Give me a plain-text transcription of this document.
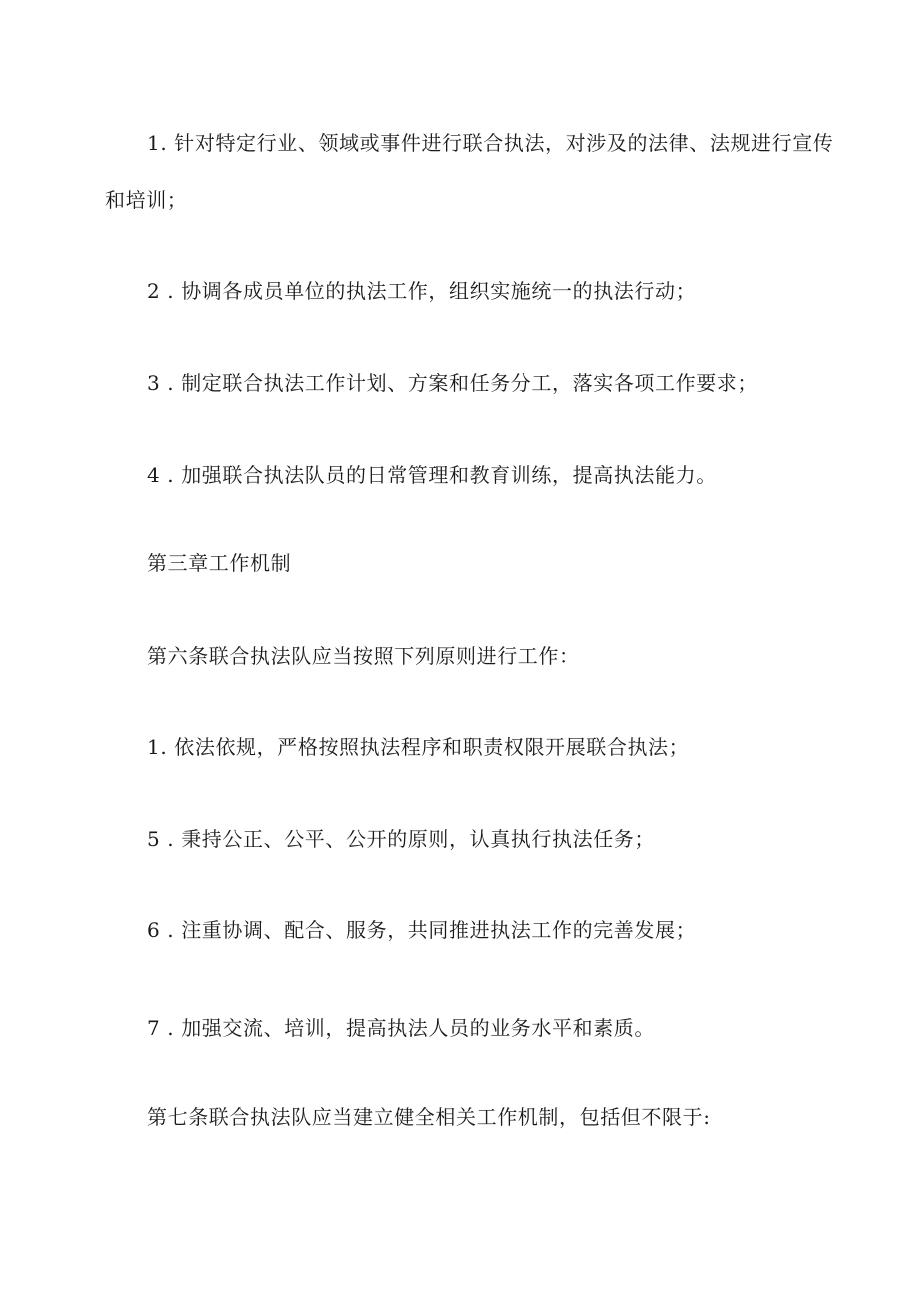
1. 针对特定行业、领域或事件进行联合执法，对涉及的法律、法规进行宣传
和培训；
2 . 协调各成员单位的执法工作，组织实施统一的执法行动；
3 . 制定联合执法工作计划、方案和任务分工，落实各项工作要求；
4 . 加强联合执法队员的日常管理和教育训练，提高执法能力。
第三章工作机制
第六条联合执法队应当按照下列原则进行工作：
1. 依法依规，严格按照执法程序和职责权限开展联合执法；
5 . 秉持公正、公平、公开的原则，认真执行执法任务；
6 . 注重协调、配合、服务，共同推进执法工作的完善发展；
7 . 加强交流、培训，提高执法人员的业务水平和素质。
第七条联合执法队应当建立健全相关工作机制，包括但不限于:
